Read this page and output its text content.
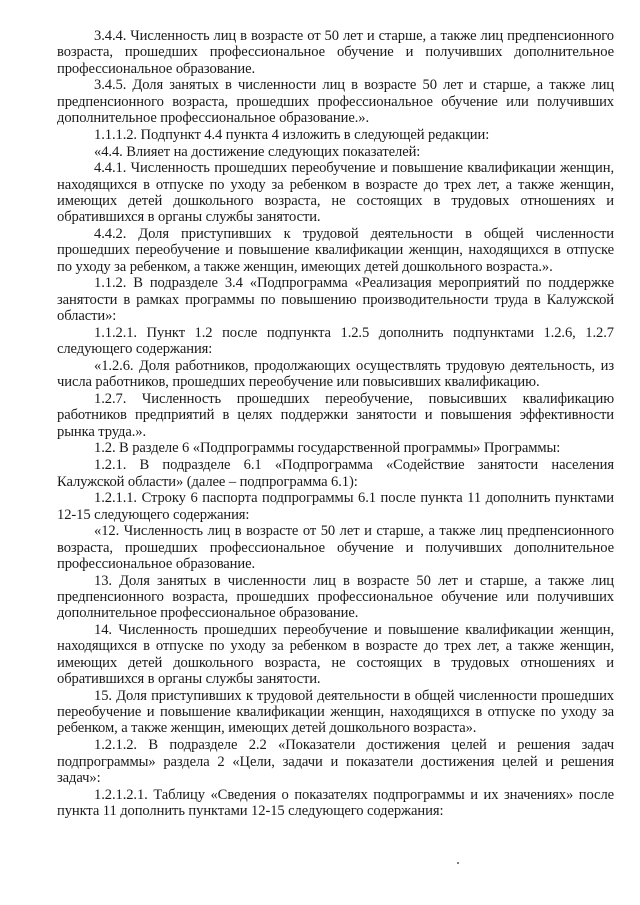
3.4.4. Численность лиц в возрасте от 50 лет и старше, а также лиц предпенсионного возраста, прошедших профессиональное обучение и получивших дополнительное профессиональное образование.

3.4.5. Доля занятых в численности лиц в возрасте 50 лет и старше, а также лиц предпенсионного возраста, прошедших профессиональное обучение или получивших дополнительное профессиональное образование.».

1.1.1.2. Подпункт 4.4 пункта 4 изложить в следующей редакции:

«4.4. Влияет на достижение следующих показателей:

4.4.1. Численность прошедших переобучение и повышение квалификации женщин, находящихся в отпуске по уходу за ребенком в возрасте до трех лет, а также женщин, имеющих детей дошкольного возраста, не состоящих в трудовых отношениях и обратившихся в органы службы занятости.

4.4.2. Доля приступивших к трудовой деятельности в общей численности прошедших переобучение и повышение квалификации женщин, находящихся в отпуске по уходу за ребенком, а также женщин, имеющих детей дошкольного возраста.».

1.1.2. В подразделе 3.4 «Подпрограмма «Реализация мероприятий по поддержке занятости в рамках программы по повышению производительности труда в Калужской области»:

1.1.2.1. Пункт 1.2 после подпункта 1.2.5 дополнить подпунктами 1.2.6, 1.2.7 следующего содержания:

«1.2.6. Доля работников, продолжающих осуществлять трудовую деятельность, из числа работников, прошедших переобучение или повысивших квалификацию.

1.2.7. Численность прошедших переобучение, повысивших квалификацию работников предприятий в целях поддержки занятости и повышения эффективности рынка труда.».

1.2. В разделе 6 «Подпрограммы государственной программы» Программы:

1.2.1. В подразделе 6.1 «Подпрограмма «Содействие занятости населения Калужской области» (далее – подпрограмма 6.1):

1.2.1.1. Строку 6 паспорта подпрограммы 6.1 после пункта 11 дополнить пунктами 12-15 следующего содержания:

«12. Численность лиц в возрасте от 50 лет и старше, а также лиц предпенсионного возраста, прошедших профессиональное обучение и получивших дополнительное профессиональное образование.

13. Доля занятых в численности лиц в возрасте 50 лет и старше, а также лиц предпенсионного возраста, прошедших профессиональное обучение или получивших дополнительное профессиональное образование.

14. Численность прошедших переобучение и повышение квалификации женщин, находящихся в отпуске по уходу за ребенком в возрасте до трех лет, а также женщин, имеющих детей дошкольного возраста, не состоящих в трудовых отношениях и обратившихся в органы службы занятости.

15. Доля приступивших к трудовой деятельности в общей численности прошедших переобучение и повышение квалификации женщин, находящихся в отпуске по уходу за ребенком, а также женщин, имеющих детей дошкольного возраста».

1.2.1.2. В подразделе 2.2 «Показатели достижения целей и решения задач подпрограммы» раздела 2 «Цели, задачи и показатели достижения целей и решения задач»:

1.2.1.2.1. Таблицу «Сведения о показателях подпрограммы и их значениях» после пункта 11 дополнить пунктами 12-15 следующего содержания:
